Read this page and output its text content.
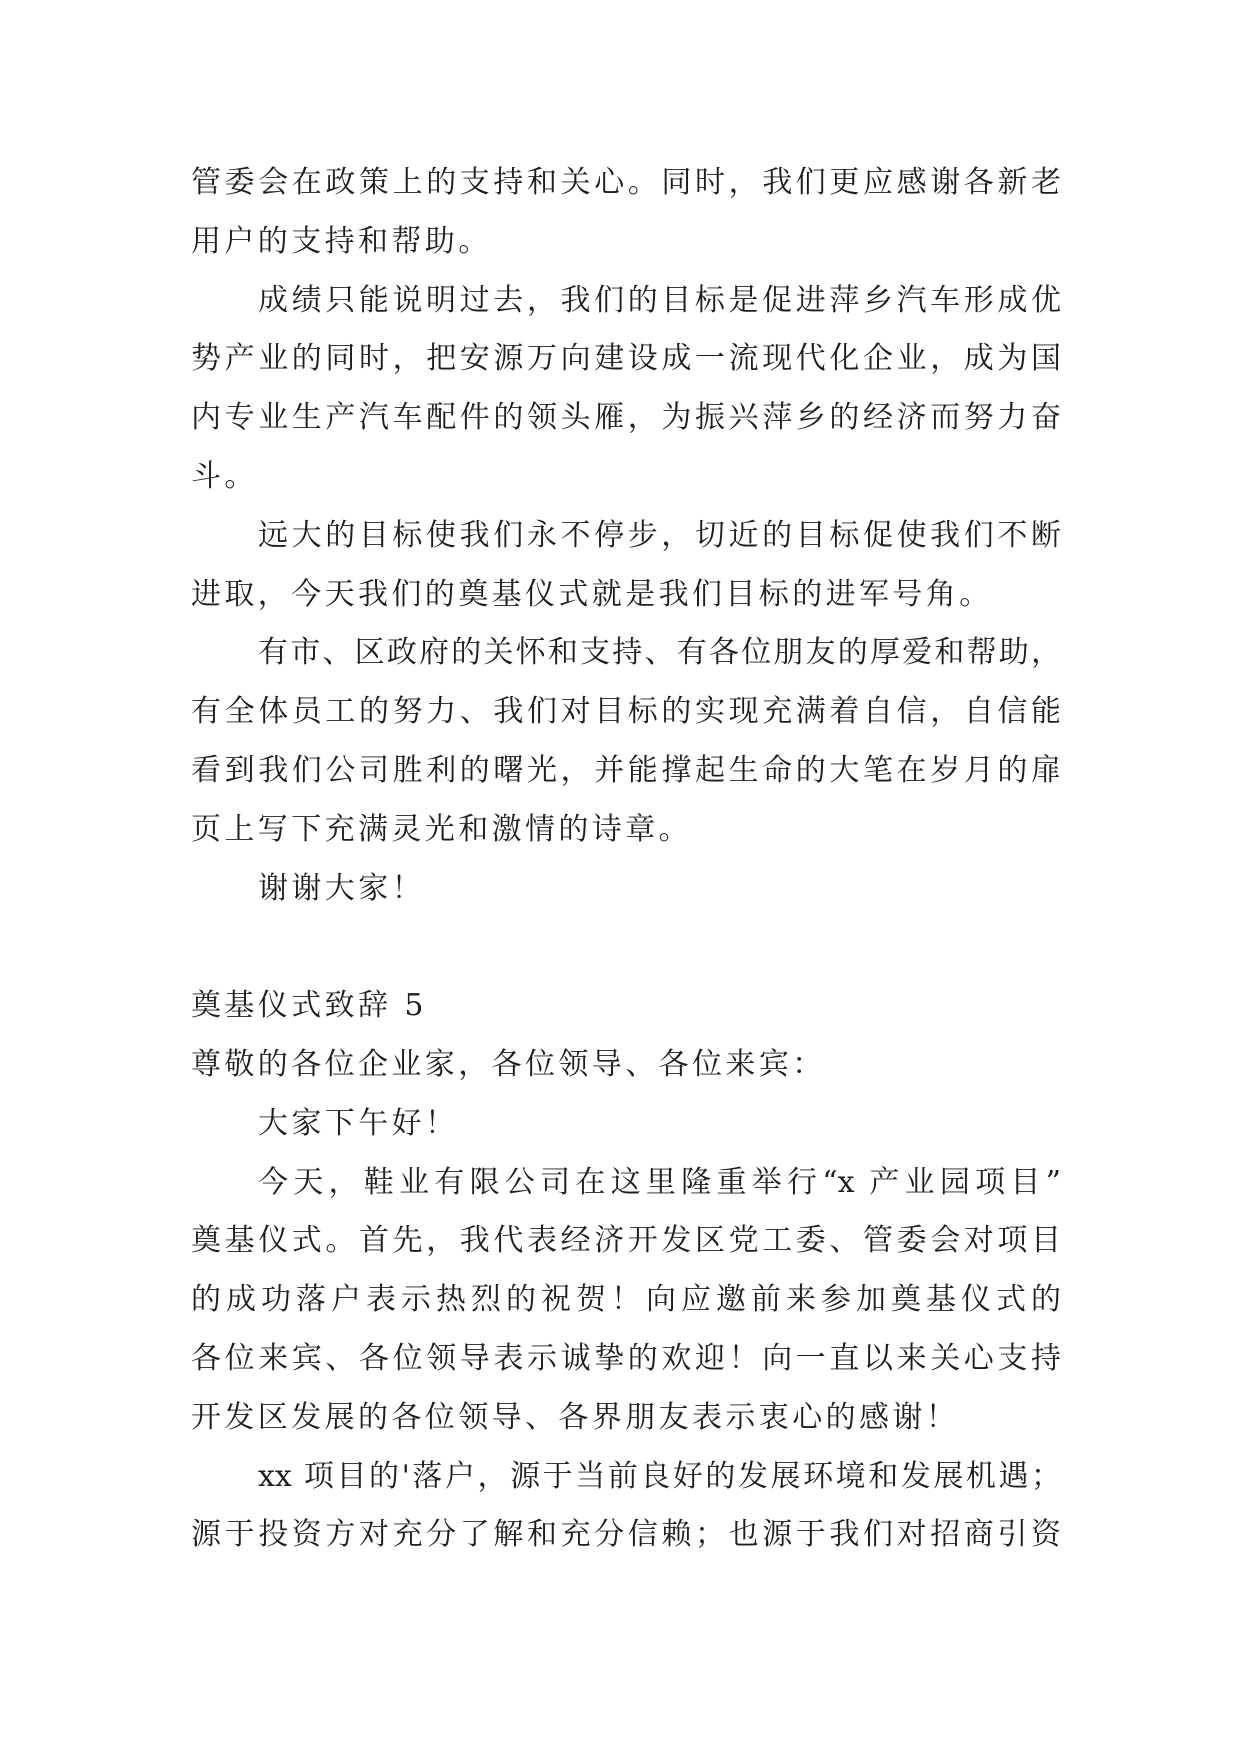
管委会在政策上的支持和关心。同时，我们更应感谢各新老
用户的支持和帮助。
成绩只能说明过去，我们的目标是促进萍乡汽车形成优
势产业的同时，把安源万向建设成一流现代化企业，成为国
内专业生产汽车配件的领头雁，为振兴萍乡的经济而努力奋
斗。
远大的目标使我们永不停步，切近的目标促使我们不断
进取，今天我们的奠基仪式就是我们目标的进军号角。
有市、区政府的关怀和支持、有各位朋友的厚爱和帮助，
有全体员工的努力、我们对目标的实现充满着自信，自信能
看到我们公司胜利的曙光，并能撑起生命的大笔在岁月的扉
页上写下充满灵光和激情的诗章。
谢谢大家！
奠基仪式致辞 5
尊敬的各位企业家，各位领导、各位来宾：
大家下午好！
今天，鞋业有限公司在这里隆重举行“x 产业园项目”
奠基仪式。首先，我代表经济开发区党工委、管委会对项目
的成功落户表示热烈的祝贺！向应邀前来参加奠基仪式的
各位来宾、各位领导表示诚挚的欢迎！向一直以来关心支持
开发区发展的各位领导、各界朋友表示衷心的感谢！
xx 项目的'落户，源于当前良好的发展环境和发展机遇；
源于投资方对充分了解和充分信赖；也源于我们对招商引资
